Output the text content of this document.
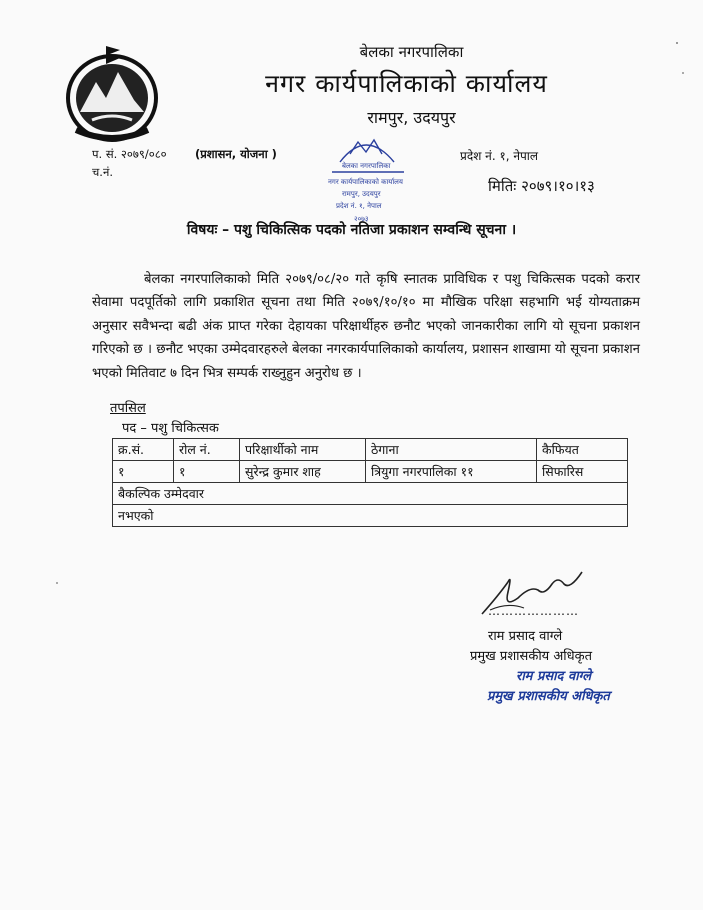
बेलका नगरपालिका
नगर कार्यपालिकाको कार्यालय
रामपुर, उदयपुर
प. सं. २०७९/०८० (प्रशासन, योजना )
च.नं.	बेलका नगरपालिका
नगर कार्यपालिकाको कार्यालय
रामपुर, उदयपुर
प्रदेश नं. १, नेपाल
२०७३
प्रदेश नं. १, नेपाल
मितिः २०७९।१०।१३
विषयः – पशु चिकित्सिक पदको नतिजा प्रकाशन सम्वन्धि सूचना ।
बेलका नगरपालिकाको मिति २०७९/०८/२० गते कृषि स्नातक प्राविधिक र पशु चिकित्सक पदको करार सेवामा पदपूर्तिको लागि प्रकाशित सूचना तथा मिति २०७९/१०/१० मा मौखिक परिक्षा सहभागि भई योग्यताक्रम अनुसार सवैभन्दा बढी अंक प्राप्त गरेका देहायका परिक्षार्थीहरु छनौट भएको जानकारीका लागि यो सूचना प्रकाशन गरिएको छ । छनौट भएका उम्मेदवारहरुले बेलका नगरकार्यपालिकाको कार्यालय, प्रशासन शाखामा यो सूचना प्रकाशन भएको मितिवाट ७ दिन भित्र सम्पर्क राख्नुहुन अनुरोध छ ।
तपसिल
पद – पशु चिकित्सक
क्र.सं.	रोल नं.	परिक्षार्थीको नाम	ठेगाना	कैफियत
१	१	सुरेन्द्र कुमार शाह	त्रियुगा नगरपालिका ११	सिफारिस
बैकल्पिक उम्मेदवार				
नभएको				
…………………
राम प्रसाद वाग्ले
प्रमुख प्रशासकीय अधिकृत
राम प्रसाद वाग्ले
प्रमुख प्रशासकीय अधिकृत
